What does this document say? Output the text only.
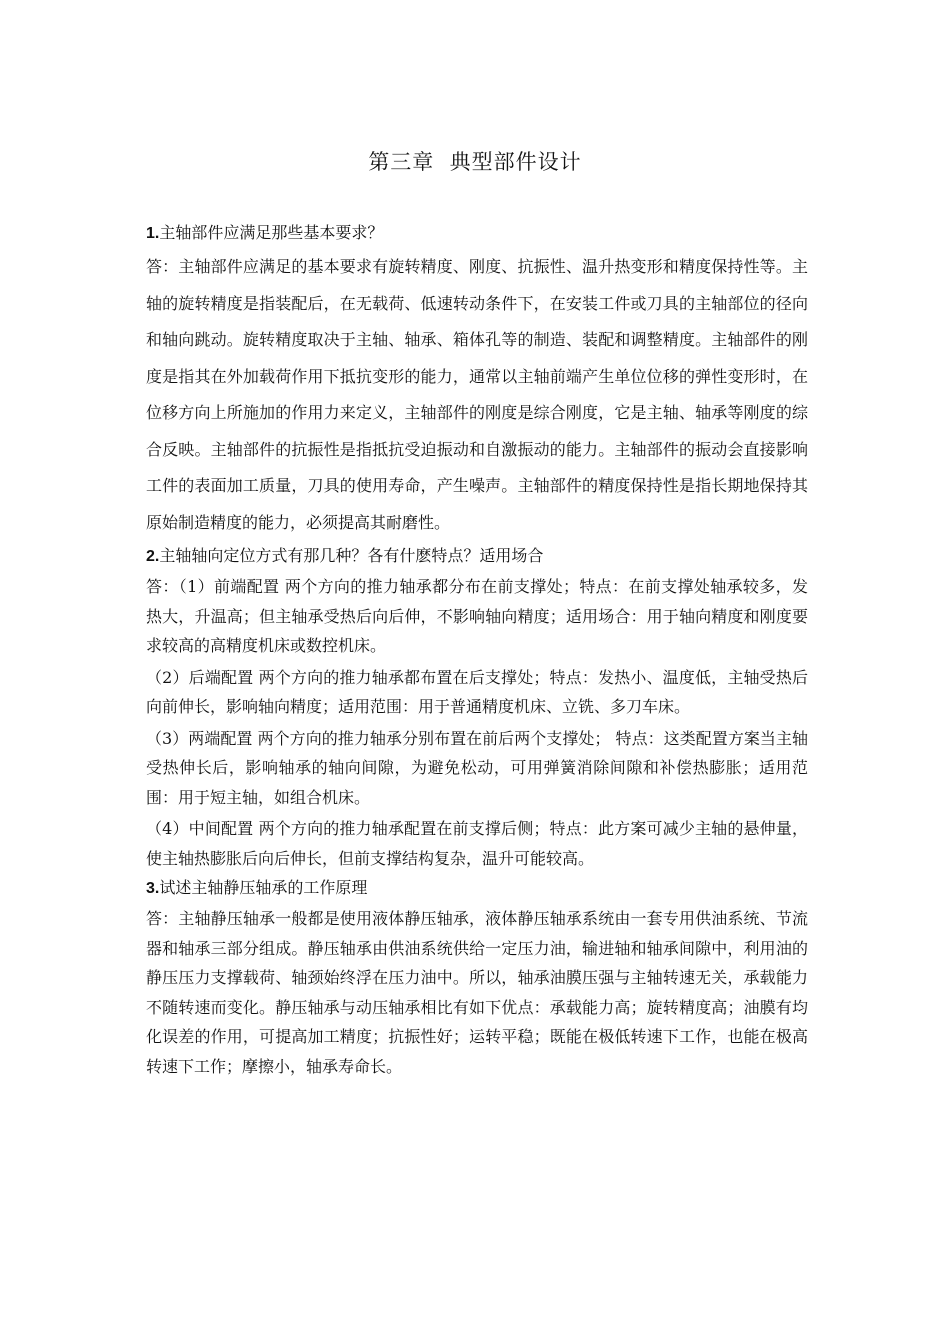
第三章  典型部件设计

1.主轴部件应满足那些基本要求？

答：主轴部件应满足的基本要求有旋转精度、刚度、抗振性、温升热变形和精度保持性等。主轴的旋转精度是指装配后，在无载荷、低速转动条件下，在安装工件或刀具的主轴部位的径向和轴向跳动。旋转精度取决于主轴、轴承、箱体孔等的制造、装配和调整精度。主轴部件的刚度是指其在外加载荷作用下抵抗变形的能力，通常以主轴前端产生单位位移的弹性变形时，在位移方向上所施加的作用力来定义，主轴部件的刚度是综合刚度，它是主轴、轴承等刚度的综合反映。主轴部件的抗振性是指抵抗受迫振动和自激振动的能力。主轴部件的振动会直接影响工件的表面加工质量，刀具的使用寿命，产生噪声。主轴部件的精度保持性是指长期地保持其原始制造精度的能力，必须提高其耐磨性。

2.主轴轴向定位方式有那几种？各有什麽特点？适用场合

答：（1）前端配置 两个方向的推力轴承都分布在前支撑处；特点：在前支撑处轴承较多，发热大，升温高；但主轴承受热后向后伸，不影响轴向精度；适用场合：用于轴向精度和刚度要求较高的高精度机床或数控机床。

（2）后端配置 两个方向的推力轴承都布置在后支撑处；特点：发热小、温度低，主轴受热后向前伸长，影响轴向精度；适用范围：用于普通精度机床、立铣、多刀车床。

（3）两端配置 两个方向的推力轴承分别布置在前后两个支撑处； 特点：这类配置方案当主轴受热伸长后，影响轴承的轴向间隙，为避免松动，可用弹簧消除间隙和补偿热膨胀；适用范围：用于短主轴，如组合机床。

（4）中间配置 两个方向的推力轴承配置在前支撑后侧；特点：此方案可减少主轴的悬伸量，使主轴热膨胀后向后伸长，但前支撑结构复杂，温升可能较高。

3.试述主轴静压轴承的工作原理

答：主轴静压轴承一般都是使用液体静压轴承，液体静压轴承系统由一套专用供油系统、节流器和轴承三部分组成。静压轴承由供油系统供给一定压力油，输进轴和轴承间隙中，利用油的静压压力支撑载荷、轴颈始终浮在压力油中。所以，轴承油膜压强与主轴转速无关，承载能力不随转速而变化。静压轴承与动压轴承相比有如下优点：承载能力高；旋转精度高；油膜有均化误差的作用，可提高加工精度；抗振性好；运转平稳；既能在极低转速下工作，也能在极高转速下工作；摩擦小，轴承寿命长。
